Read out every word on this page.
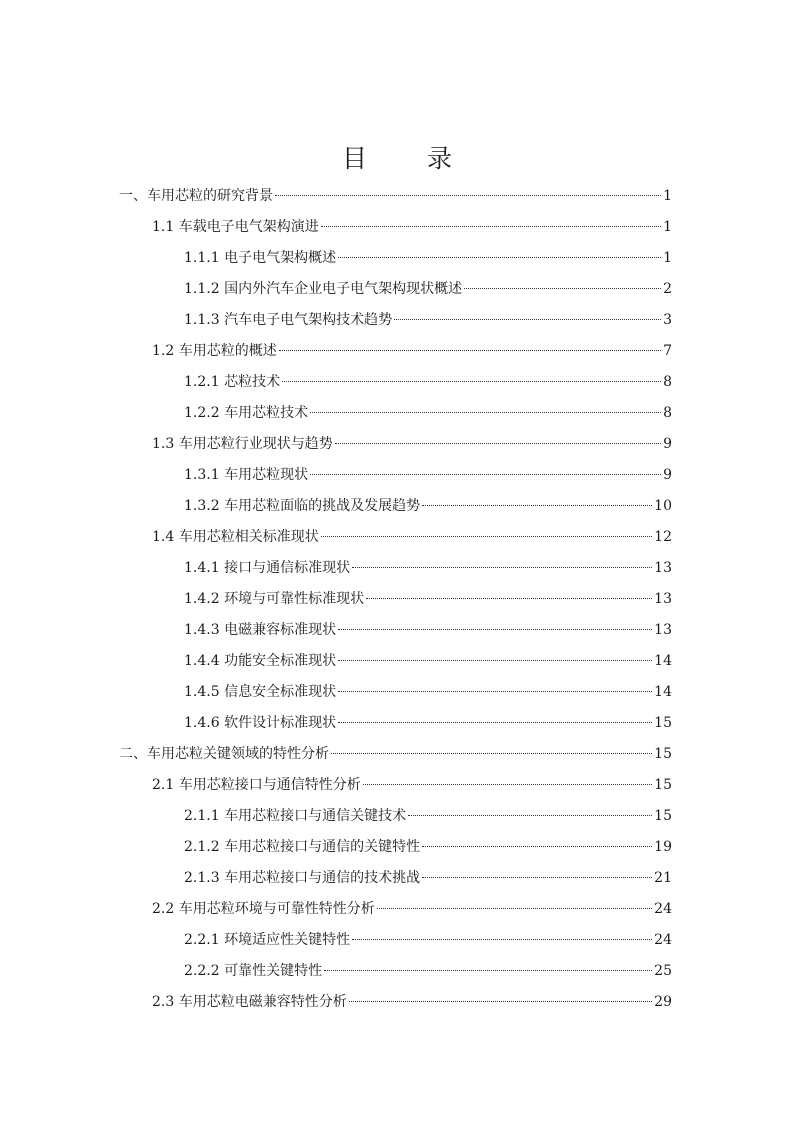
目 录
一、车用芯粒的研究背景	1
1.1 车载电子电气架构演进	1
1.1.1 电子电气架构概述	1
1.1.2 国内外汽车企业电子电气架构现状概述	2
1.1.3 汽车电子电气架构技术趋势	3
1.2 车用芯粒的概述	7
1.2.1 芯粒技术	8
1.2.2 车用芯粒技术	8
1.3 车用芯粒行业现状与趋势	9
1.3.1 车用芯粒现状	9
1.3.2 车用芯粒面临的挑战及发展趋势	10
1.4 车用芯粒相关标准现状	12
1.4.1 接口与通信标准现状	13
1.4.2 环境与可靠性标准现状	13
1.4.3 电磁兼容标准现状	13
1.4.4 功能安全标准现状	14
1.4.5 信息安全标准现状	14
1.4.6 软件设计标准现状	15
二、车用芯粒关键领域的特性分析	15
2.1 车用芯粒接口与通信特性分析	15
2.1.1 车用芯粒接口与通信关键技术	15
2.1.2 车用芯粒接口与通信的关键特性	19
2.1.3 车用芯粒接口与通信的技术挑战	21
2.2 车用芯粒环境与可靠性特性分析	24
2.2.1 环境适应性关键特性	24
2.2.2 可靠性关键特性	25
2.3 车用芯粒电磁兼容特性分析	29
